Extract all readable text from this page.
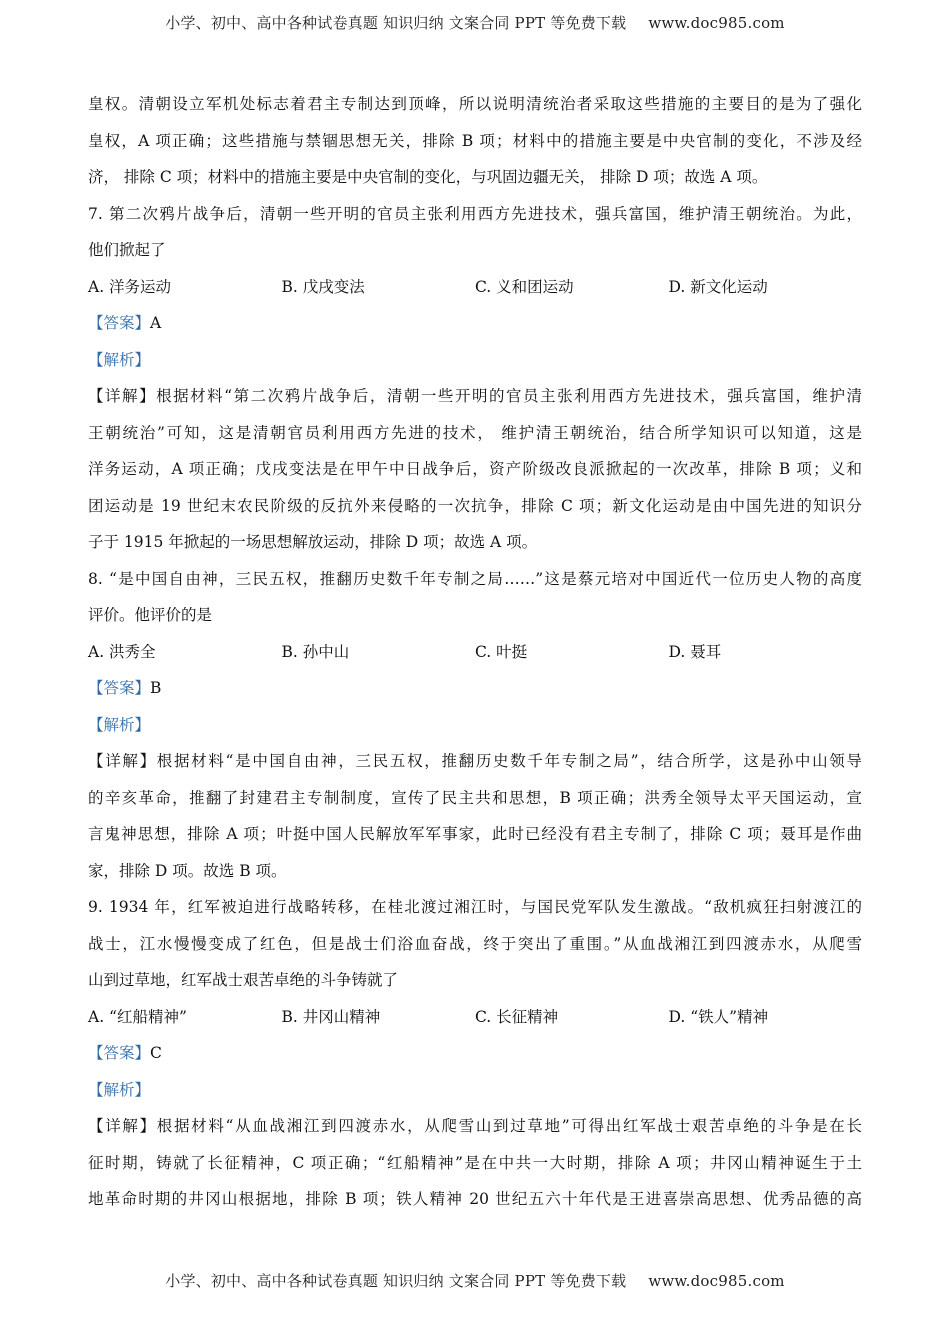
小学、初中、高中各种试卷真题 知识归纳 文案合同 PPT 等免费下载 www.doc985.com
皇权。清朝设立军机处标志着君主专制达到顶峰，所以说明清统治者采取这些措施的主要目的是为了强化
皇权，A 项正确；这些措施与禁锢思想无关，排除 B 项；材料中的措施主要是中央官制的变化，不涉及经
济， 排除 C 项；材料中的措施主要是中央官制的变化，与巩固边疆无关， 排除 D 项；故选 A 项。
7. 第二次鸦片战争后，清朝一些开明的官员主张利用西方先进技术，强兵富国，维护清王朝统治。为此，
他们掀起了
A. 洋务运动	B. 戊戌变法	C. 义和团运动	D. 新文化运动
【答案】A
【解析】
【详解】根据材料“第二次鸦片战争后，清朝一些开明的官员主张利用西方先进技术，强兵富国，维护清
王朝统治”可知，这是清朝官员利用西方先进的技术， 维护清王朝统治，结合所学知识可以知道，这是
洋务运动，A 项正确；戊戌变法是在甲午中日战争后，资产阶级改良派掀起的一次改革，排除 B 项；义和
团运动是 19 世纪末农民阶级的反抗外来侵略的一次抗争，排除 C 项；新文化运动是由中国先进的知识分
子于 1915 年掀起的一场思想解放运动，排除 D 项；故选 A 项。
8. “是中国自由神，三民五权，推翻历史数千年专制之局……”这是蔡元培对中国近代一位历史人物的高度
评价。他评价的是
A. 洪秀全	B. 孙中山	C. 叶挺	D. 聂耳
【答案】B
【解析】
【详解】根据材料“是中国自由神，三民五权，推翻历史数千年专制之局”，结合所学，这是孙中山领导
的辛亥革命，推翻了封建君主专制制度，宣传了民主共和思想，B 项正确；洪秀全领导太平天国运动，宣
言鬼神思想，排除 A 项；叶挺中国人民解放军军事家，此时已经没有君主专制了，排除 C 项；聂耳是作曲
家，排除 D 项。故选 B 项。
9. 1934 年，红军被迫进行战略转移，在桂北渡过湘江时，与国民党军队发生激战。“敌机疯狂扫射渡江的
战士，江水慢慢变成了红色，但是战士们浴血奋战，终于突出了重围。”从血战湘江到四渡赤水，从爬雪
山到过草地，红军战士艰苦卓绝的斗争铸就了
A. “红船精神”	B. 井冈山精神	C. 长征精神	D. “铁人”精神
【答案】C
【解析】
【详解】根据材料“从血战湘江到四渡赤水，从爬雪山到过草地”可得出红军战士艰苦卓绝的斗争是在长
征时期，铸就了长征精神，C 项正确；“红船精神”是在中共一大时期，排除 A 项；井冈山精神诞生于土
地革命时期的井冈山根据地，排除 B 项；铁人精神 20 世纪五六十年代是王进喜崇高思想、优秀品德的高
小学、初中、高中各种试卷真题 知识归纳 文案合同 PPT 等免费下载 www.doc985.com
